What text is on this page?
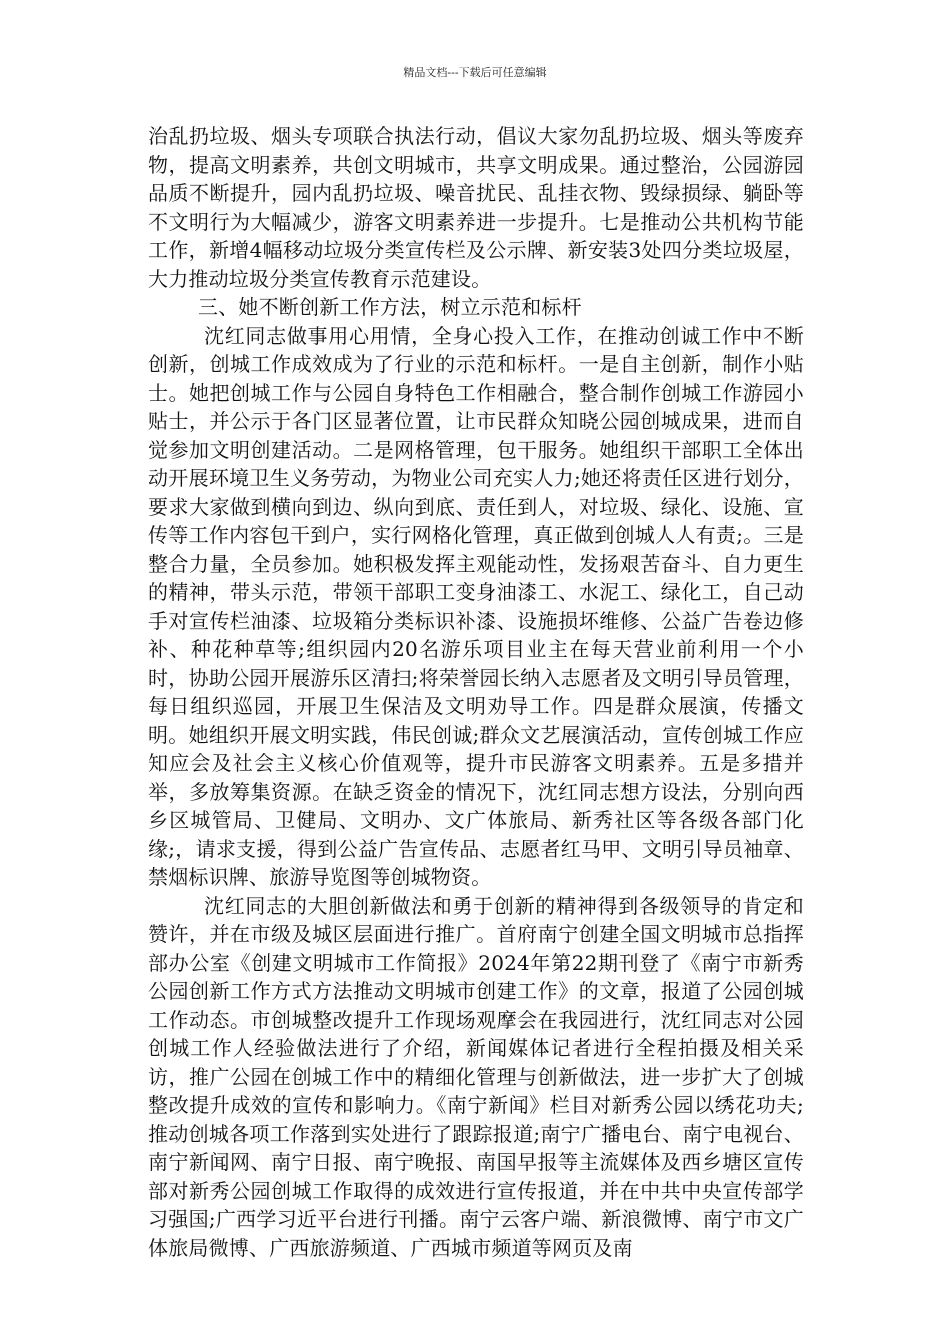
精品文档---下载后可任意编辑

治乱扔垃圾、烟头专项联合执法行动，倡议大家勿乱扔垃圾、烟头等废弃物，提高文明素养，共创文明城市，共享文明成果。通过整治，公园游园品质不断提升，园内乱扔垃圾、噪音扰民、乱挂衣物、毁绿损绿、躺卧等不文明行为大幅减少，游客文明素养进一步提升。七是推动公共机构节能工作，新增4幅移动垃圾分类宣传栏及公示牌、新安装3处四分类垃圾屋，大力推动垃圾分类宣传教育示范建设。

三、她不断创新工作方法，树立示范和标杆

沈红同志做事用心用情，全身心投入工作，在推动创诚工作中不断创新，创城工作成效成为了行业的示范和标杆。一是自主创新，制作小贴士。她把创城工作与公园自身特色工作相融合，整合制作创城工作游园小贴士，并公示于各门区显著位置，让市民群众知晓公园创城成果，进而自觉参加文明创建活动。二是网格管理，包干服务。她组织干部职工全体出动开展环境卫生义务劳动，为物业公司充实人力;她还将责任区进行划分，要求大家做到横向到边、纵向到底、责任到人，对垃圾、绿化、设施、宣传等工作内容包干到户，实行网格化管理，真正做到创城人人有责;。三是整合力量，全员参加。她积极发挥主观能动性，发扬艰苦奋斗、自力更生的精神，带头示范，带领干部职工变身油漆工、水泥工、绿化工，自己动手对宣传栏油漆、垃圾箱分类标识补漆、设施损坏维修、公益广告卷边修补、种花种草等;组织园内20名游乐项目业主在每天营业前利用一个小时，协助公园开展游乐区清扫;将荣誉园长纳入志愿者及文明引导员管理，每日组织巡园，开展卫生保洁及文明劝导工作。四是群众展演，传播文明。她组织开展文明实践，伟民创诚;群众文艺展演活动，宣传创城工作应知应会及社会主义核心价值观等，提升市民游客文明素养。五是多措并举，多放筹集资源。在缺乏资金的情况下，沈红同志想方设法，分别向西乡区城管局、卫健局、文明办、文广体旅局、新秀社区等各级各部门化缘;，请求支援，得到公益广告宣传品、志愿者红马甲、文明引导员袖章、禁烟标识牌、旅游导览图等创城物资。

沈红同志的大胆创新做法和勇于创新的精神得到各级领导的肯定和赞许，并在市级及城区层面进行推广。首府南宁创建全国文明城市总指挥部办公室《创建文明城市工作简报》2024年第22期刊登了《南宁市新秀公园创新工作方式方法推动文明城市创建工作》的文章，报道了公园创城工作动态。市创城整改提升工作现场观摩会在我园进行，沈红同志对公园创城工作人经验做法进行了介绍，新闻媒体记者进行全程拍摄及相关采访，推广公园在创城工作中的精细化管理与创新做法，进一步扩大了创城整改提升成效的宣传和影响力。《南宁新闻》栏目对新秀公园以绣花功夫;推动创城各项工作落到实处进行了跟踪报道;南宁广播电台、南宁电视台、南宁新闻网、南宁日报、南宁晚报、南国早报等主流媒体及西乡塘区宣传部对新秀公园创城工作取得的成效进行宣传报道，并在中共中央宣传部学习强国;广西学习近平台进行刊播。南宁云客户端、新浪微博、南宁市文广体旅局微博、广西旅游频道、广西城市频道等网页及南
